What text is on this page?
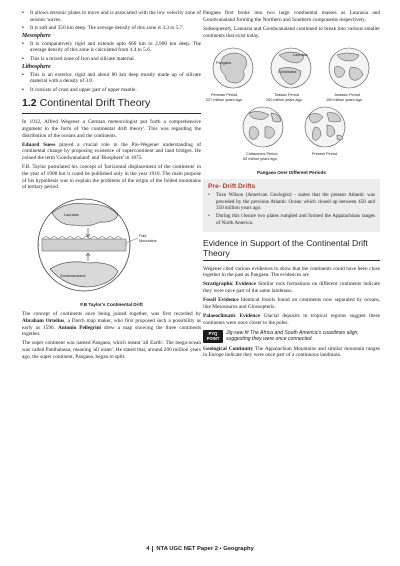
▪ It allows tectonic plates to move and is associated with the low velocity zone of seismic waves.
▪ It is soft and 350 km deep. The average density of this zone is 3.3 to 5.7.
Mesosphere
▪ It is comparatively rigid and extends upto 660 km to 2,900 km deep. The average density of this zone is calculated from 4.4 to 5.6.
▪ This is a mixed zone of Iron and silicate material.
Lithosphere
▪ This is an exterior, rigid and about 80 km deep mostly made up of silicate material with a density of 3.0.
▪ It consists of crust and upper part of upper mantle.
1.2 Continental Drift Theory

In 1912, Alfred Wegener a German meteorologist put forth a comprehensive argument in the form of 'the continental drift theory'. This was regarding the distribution of the oceans and the continents.

Eduard Suess played a crucial role in the Pre-Wegener understanding of continental change by proposing existence of supercontinent and land bridges. He coined the term 'Gondwanaland' and 'Biosphere' in 1875.

F.B. Taylor postulated his concept of 'horizontal displacement of the continents' in the year of 1908 but it could be published only in the year 1910. The main purpose of his hypothesis was to explain the problems of the origin of the folded mountains of tertiary period.

Laurasia
Fold
Mountains
Gondwanaland
F.B Taylor's Continental Drift

The concept of continents once being joined together, was first recorded by Abraham Ortelius, a Dutch map maker, who first proposed such a possibility as early as 1596. Antonio Pellegrini drew a map showing the three continents together.

The super continent was named Pangaea, which meant 'all Earth'. The mega-ocean was called Panthalassa, meaning 'all water'. He stated that, around 200 million years ago, the super continent, Pangaea, began to split.

Pangaea first broke into two large continental masses as Laurasia and Gondwanaland forming the Northern and Southern components respectively.

Subsequently, Laurasia and Gondwanaland continued to break into various smaller continents that exist today.

Pangaea
Permian Period
227 million years ago
Laurasia
Gondwana
Triassic Period
200 million years ago
Jurassic Period
150 million years ago
Cretaceous Period
65 million years ago
Present Period
Pangaea Over Different Periods
Pre- Drift Drifts
• Tuzo Wilson (American Geologist) - states that the present Atlantic was preceded by the previous Atlantic Ocean which closed up between 450 and 350 million years ago.
• During this closure two plates rumpled and formed the Appalachians ranges of North America.
Evidence in Support of the Continental Drift Theory

Wegener cited various evidences to show that the continents could have been close together in the past as Pangaea. The evidences are

Stratigraphic Evidence Similar rock formations on different continents indicate they were once part of the same landmass.

Fossil Evidence Identical fossils found on continents now separated by oceans, like Mesosaurus and Glossopteris.

Palaeoclimatic Evidence Glacial deposits in tropical regions suggest these continents were once closer to the poles.

PYQ
POINT
Jig-saw fit The Africa and South America's coastlines align, suggesting they were once connected.

Geological Continuity The Appalachian Mountains and similar mountain ranges in Europe indicate they were once part of a continuous landmass.

4 NTA UGC NET Paper 2 • Geography
